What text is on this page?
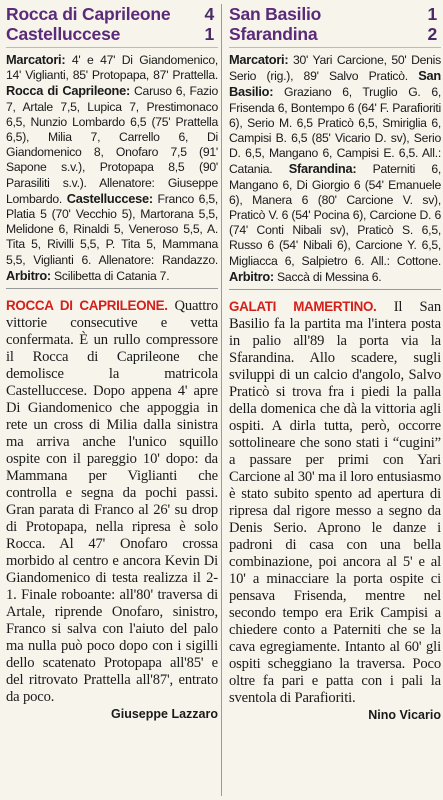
Rocca di Caprileone 4
Castelluccese	1

Marcatori: 4' e 47' Di Giandomenico, 14' Viglianti, 85' Protopapa, 87' Prattella. Rocca di Caprileone: Caruso 6, Fazio 7, Artale 7,5, Lupica 7, Prestimonaco 6,5, Nunzio Lombardo 6,5 (75' Prattella 6,5), Milia 7, Carrello 6, Di Giandomenico 8, Onofaro 7,5 (91' Sapone s.v.), Protopapa 8,5 (90' Parasiliti s.v.). Allenatore: Giuseppe Lombardo. Castelluccese: Franco 6,5, Platia 5 (70' Vecchio 5), Martorana 5,5, Melidone 6, Rinaldi 5, Veneroso 5,5, A. Tita 5, Rivilli 5,5, P. Tita 5, Mammana 5,5, Viglianti 6. Allenatore: Randazzo. Arbitro: Scilibetta di Catania 7.

ROCCA DI CAPRILEONE. Quattro vittorie consecutive e vetta confermata. È un rullo compressore il Rocca di Caprileone che demolisce la matricola Castelluccese. Dopo appena 4' apre Di Giandomenico che appoggia in rete un cross di Milia dalla sinistra ma arriva anche l'unico squillo ospite con il pareggio 10' dopo: da Mammana per Viglianti che controlla e segna da pochi passi. Gran parata di Franco al 26' su drop di Protopapa, nella ripresa è solo Rocca. Al 47' Onofaro crossa morbido al centro e ancora Kevin Di Giandomenico di testa realizza il 2-1. Finale roboante: all'80' traversa di Artale, riprende Onofaro, sinistro, Franco si salva con l'aiuto del palo ma nulla può poco dopo con i sigilli dello scatenato Protopapa all'85' e del ritrovato Prattella all'87', entrato da poco.

Giuseppe Lazzaro
San Basilio	1
Sfarandina	2

Marcatori: 30' Yari Carcione, 50' Denis Serio (rig.), 89' Salvo Praticò. San Basilio: Graziano 6, Truglio G. 6, Frisenda 6, Bontempo 6 (64' F. Parafioriti 6), Serio M. 6,5 Praticò 6,5, Smiriglia 6, Campisi B. 6,5 (85' Vicario D. sv), Serio D. 6,5, Mangano 6, Campisi E. 6,5. All.: Catania. Sfarandina: Paterniti 6, Mangano 6, Di Giorgio 6 (54' Emanuele 6), Manera 6 (80' Carcione V. sv), Praticò V. 6 (54' Pocina 6), Carcione D. 6 (74' Conti Nibali sv), Praticò S. 6,5, Russo 6 (54' Nibali 6), Carcione Y. 6,5, Migliacca 6, Salpietro 6. All.: Cottone. Arbitro: Saccà di Messina 6.

GALATI MAMERTINO. Il San Basilio fa la partita ma l'intera posta in palio all'89 la porta via la Sfarandina. Allo scadere, sugli sviluppi di un calcio d'angolo, Salvo Praticò si trova fra i piedi la palla della domenica che dà la vittoria agli ospiti. A dirla tutta, però, occorre sottolineare che sono stati i “cugini” a passare per primi con Yari Carcione al 30' ma il loro entusiasmo è stato subito spento ad apertura di ripresa dal rigore messo a segno da Denis Serio. Aprono le danze i padroni di casa con una bella combinazione, poi ancora al 5' e al 10' a minacciare la porta ospite ci pensava Frisenda, mentre nel secondo tempo era Erik Campisi a chiedere conto a Paterniti che se la cava egregiamente. Intanto al 60' gli ospiti scheggiano la traversa. Poco oltre fa pari e patta con i pali la sventola di Parafioriti.

Nino Vicario
